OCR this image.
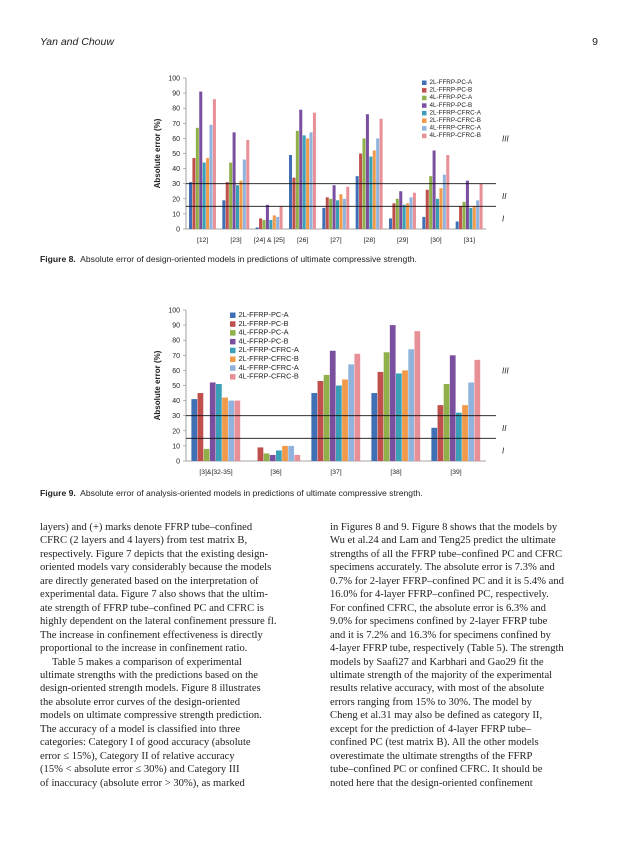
Yan and Chouw	9
Absolute error (%)
0
10
20
30
40
50
60
70
80
90
100
[12]	[23] [24] & [25] [26]	[27]	[28]	[29]	[30]	[31]
I
II
III
2L-FFRP-PC-A
2L-FFRP-PC-B
4L-FFRP-PC-A
4L-FFRP-PC-B
2L-FFRP-CFRC-A
2L-FFRP-CFRC-B
4L-FFRP-CFRC-A
4L-FFRP-CFRC-B
Figure 8. Absolute error of design-oriented models in predictions of ultimate compressive strength.
Absolute error (%)
0
10
20
30
40
50
60
70
80
90
100
[3]&[32-35]	[36]	[37]	[38]	[39]
I
II
III
2L-FFRP-PC-A
2L-FFRP-PC-B
4L-FFRP-PC-A
4L-FFRP-PC-B
2L-FFRP-CFRC-A
2L-FFRP-CFRC-B
4L-FFRP-CFRC-A
4L-FFRP-CFRC-B
Figure 9. Absolute error of analysis-oriented models in predictions of ultimate compressive strength.

layers) and (+) marks denote FFRP tube–confined

CFRC (2 layers and 4 layers) from test matrix B,

respectively. Figure 7 depicts that the existing design-

oriented models vary considerably because the models

are directly generated based on the interpretation of

experimental data. Figure 7 also shows that the ultim-

ate strength of FFRP tube–confined PC and CFRC is

highly dependent on the lateral confinement pressure fl.

The increase in confinement effectiveness is directly

proportional to the increase in confinement ratio.

Table 5 makes a comparison of experimental

ultimate strengths with the predictions based on the

design-oriented strength models. Figure 8 illustrates

the absolute error curves of the design-oriented

models on ultimate compressive strength prediction.

The accuracy of a model is classified into three

categories: Category I of good accuracy (absolute

error ≤ 15%), Category II of relative accuracy

(15% < absolute error ≤ 30%) and Category III

of inaccuracy (absolute error > 30%), as marked

in Figures 8 and 9. Figure 8 shows that the models by

Wu et al.24 and Lam and Teng25 predict the ultimate

strengths of all the FFRP tube–confined PC and CFRC

specimens accurately. The absolute error is 7.3% and

0.7% for 2-layer FFRP–confined PC and it is 5.4% and

16.0% for 4-layer FFRP–confined PC, respectively.

For confined CFRC, the absolute error is 6.3% and

9.0% for specimens confined by 2-layer FFRP tube

and it is 7.2% and 16.3% for specimens confined by

4-layer FFRP tube, respectively (Table 5). The strength

models by Saafi27 and Karbhari and Gao29 fit the

ultimate strength of the majority of the experimental

results relative accuracy, with most of the absolute

errors ranging from 15% to 30%. The model by

Cheng et al.31 may also be defined as category II,

except for the prediction of 4-layer FFRP tube–

confined PC (test matrix B). All the other models

overestimate the ultimate strengths of the FFRP

tube–confined PC or confined CFRC. It should be

noted here that the design-oriented confinement
